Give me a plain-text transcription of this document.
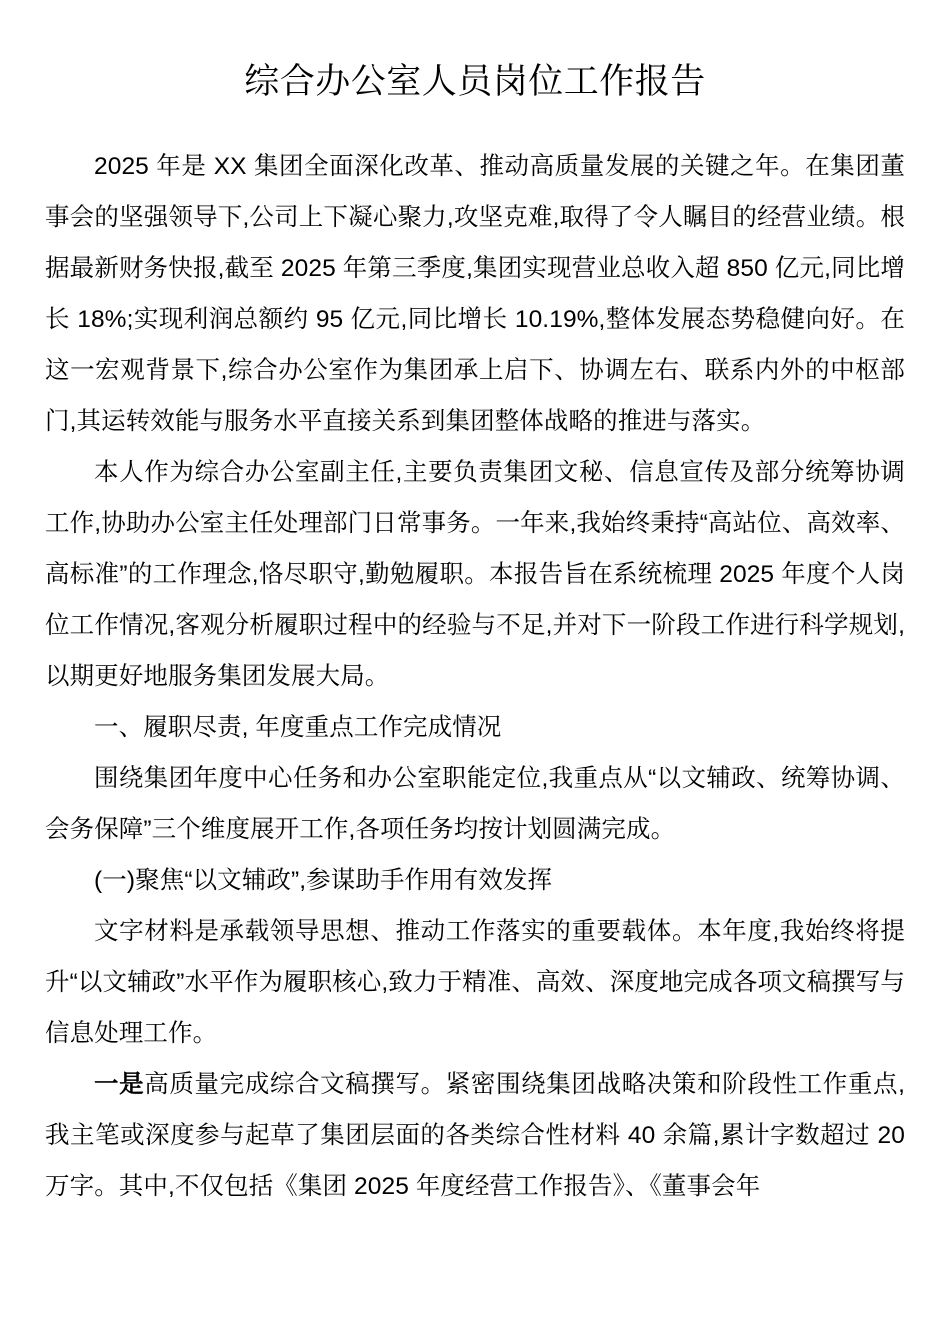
综合办公室人员岗位工作报告

2025 年是 XX 集团全面深化改革、推动高质量发展的关键之年。在集团董事会的坚强领导下,公司上下凝心聚力,攻坚克难,取得了令人瞩目的经营业绩。根据最新财务快报,截至 2025 年第三季度,集团实现营业总收入超 850 亿元,同比增长 18%;实现利润总额约 95 亿元,同比增长 10.19%,整体发展态势稳健向好。在这一宏观背景下,综合办公室作为集团承上启下、协调左右、联系内外的中枢部门,其运转效能与服务水平直接关系到集团整体战略的推进与落实。

本人作为综合办公室副主任,主要负责集团文秘、信息宣传及部分统筹协调工作,协助办公室主任处理部门日常事务。一年来,我始终秉持“高站位、高效率、高标准”的工作理念,恪尽职守,勤勉履职。本报告旨在系统梳理 2025 年度个人岗位工作情况,客观分析履职过程中的经验与不足,并对下一阶段工作进行科学规划,以期更好地服务集团发展大局。

一、履职尽责, 年度重点工作完成情况

围绕集团年度中心任务和办公室职能定位,我重点从“以文辅政、统筹协调、会务保障”三个维度展开工作,各项任务均按计划圆满完成。

(一)聚焦“以文辅政”,参谋助手作用有效发挥

文字材料是承载领导思想、推动工作落实的重要载体。本年度,我始终将提升“以文辅政”水平作为履职核心,致力于精准、高效、深度地完成各项文稿撰写与信息处理工作。

一是高质量完成综合文稿撰写。紧密围绕集团战略决策和阶段性工作重点,我主笔或深度参与起草了集团层面的各类综合性材料 40 余篇,累计字数超过 20 万字。其中,不仅包括《集团 2025 年度经营工作报告》、《董事会年
